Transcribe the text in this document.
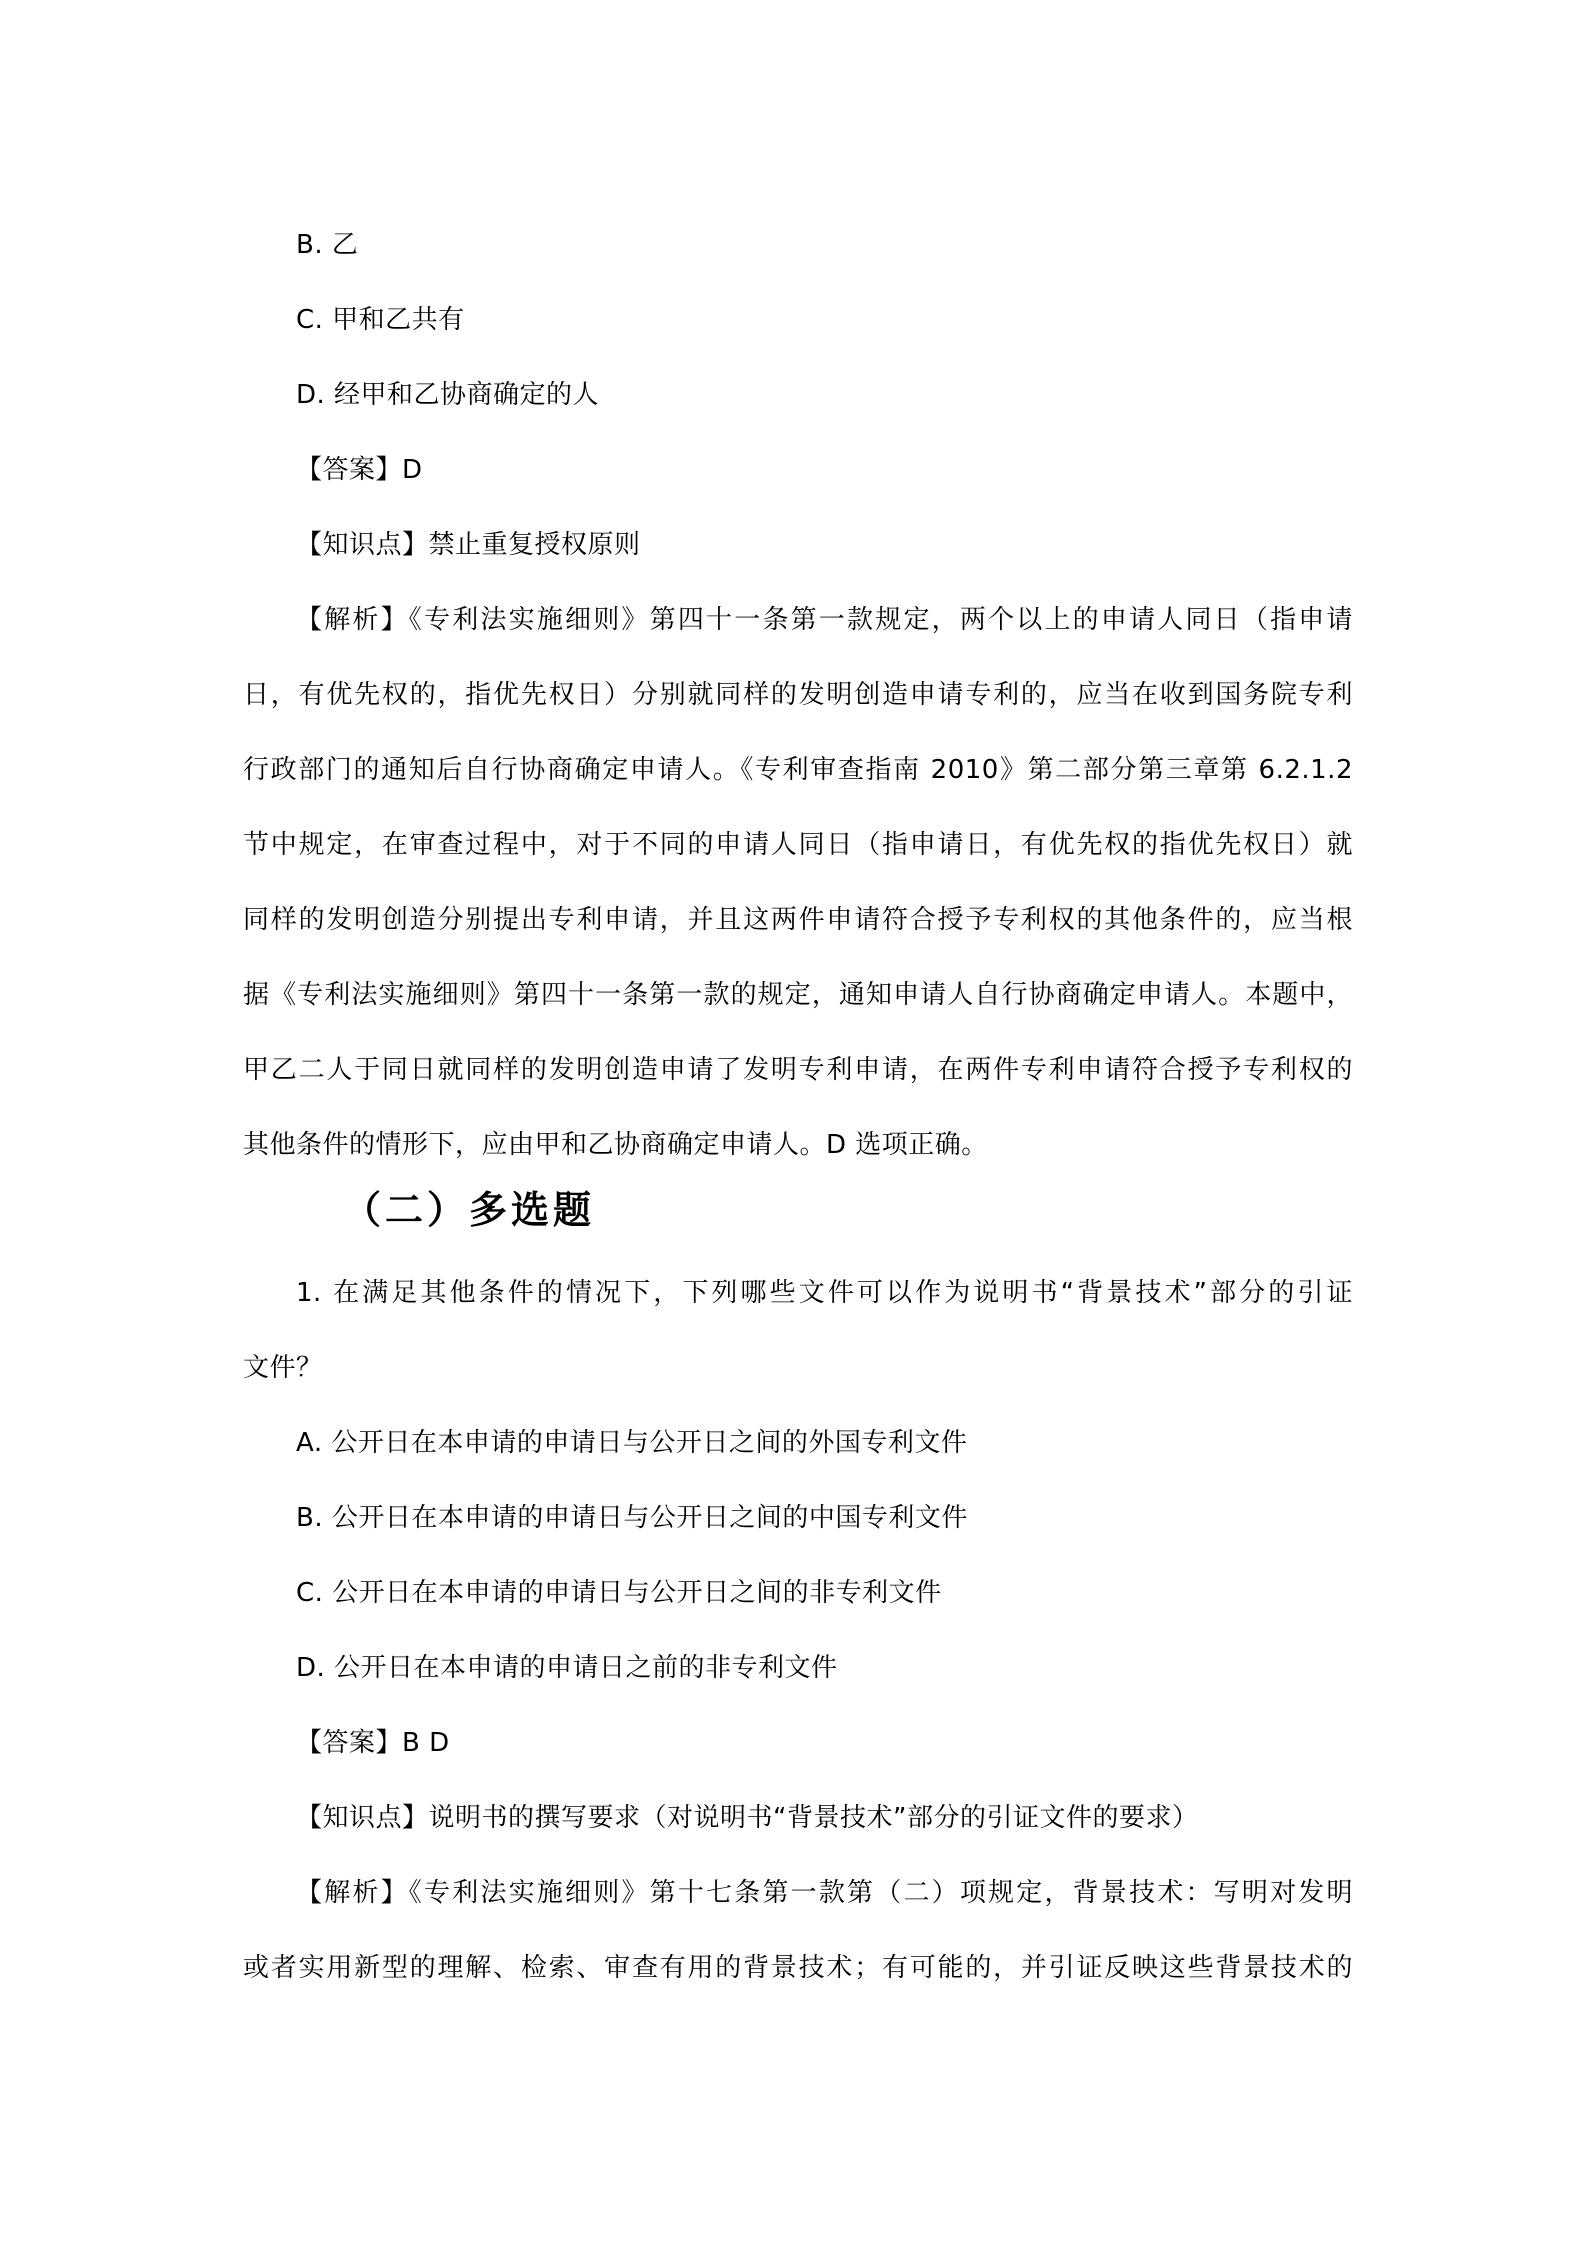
B. 乙
C. 甲和乙共有
D. 经甲和乙协商确定的人
【答案】D
【知识点】禁止重复授权原则
【解析】《专利法实施细则》第四十一条第一款规定，两个以上的申请人同日（指申请
日，有优先权的，指优先权日）分别就同样的发明创造申请专利的，应当在收到国务院专利
行政部门的通知后自行协商确定申请人。《专利审查指南 2010》第二部分第三章第 6.2.1.2
节中规定，在审查过程中，对于不同的申请人同日（指申请日，有优先权的指优先权日）就
同样的发明创造分别提出专利申请，并且这两件申请符合授予专利权的其他条件的，应当根
据《专利法实施细则》第四十一条第一款的规定，通知申请人自行协商确定申请人。本题中，
甲乙二人于同日就同样的发明创造申请了发明专利申请，在两件专利申请符合授予专利权的
其他条件的情形下，应由甲和乙协商确定申请人。D 选项正确。
（二）多选题
1. 在满足其他条件的情况下，下列哪些文件可以作为说明书“背景技术”部分的引证
文件？
A. 公开日在本申请的申请日与公开日之间的外国专利文件
B. 公开日在本申请的申请日与公开日之间的中国专利文件
C. 公开日在本申请的申请日与公开日之间的非专利文件
D. 公开日在本申请的申请日之前的非专利文件
【答案】B D
【知识点】说明书的撰写要求（对说明书“背景技术”部分的引证文件的要求）
【解析】《专利法实施细则》第十七条第一款第（二）项规定，背景技术：写明对发明
或者实用新型的理解、检索、审查有用的背景技术；有可能的，并引证反映这些背景技术的
